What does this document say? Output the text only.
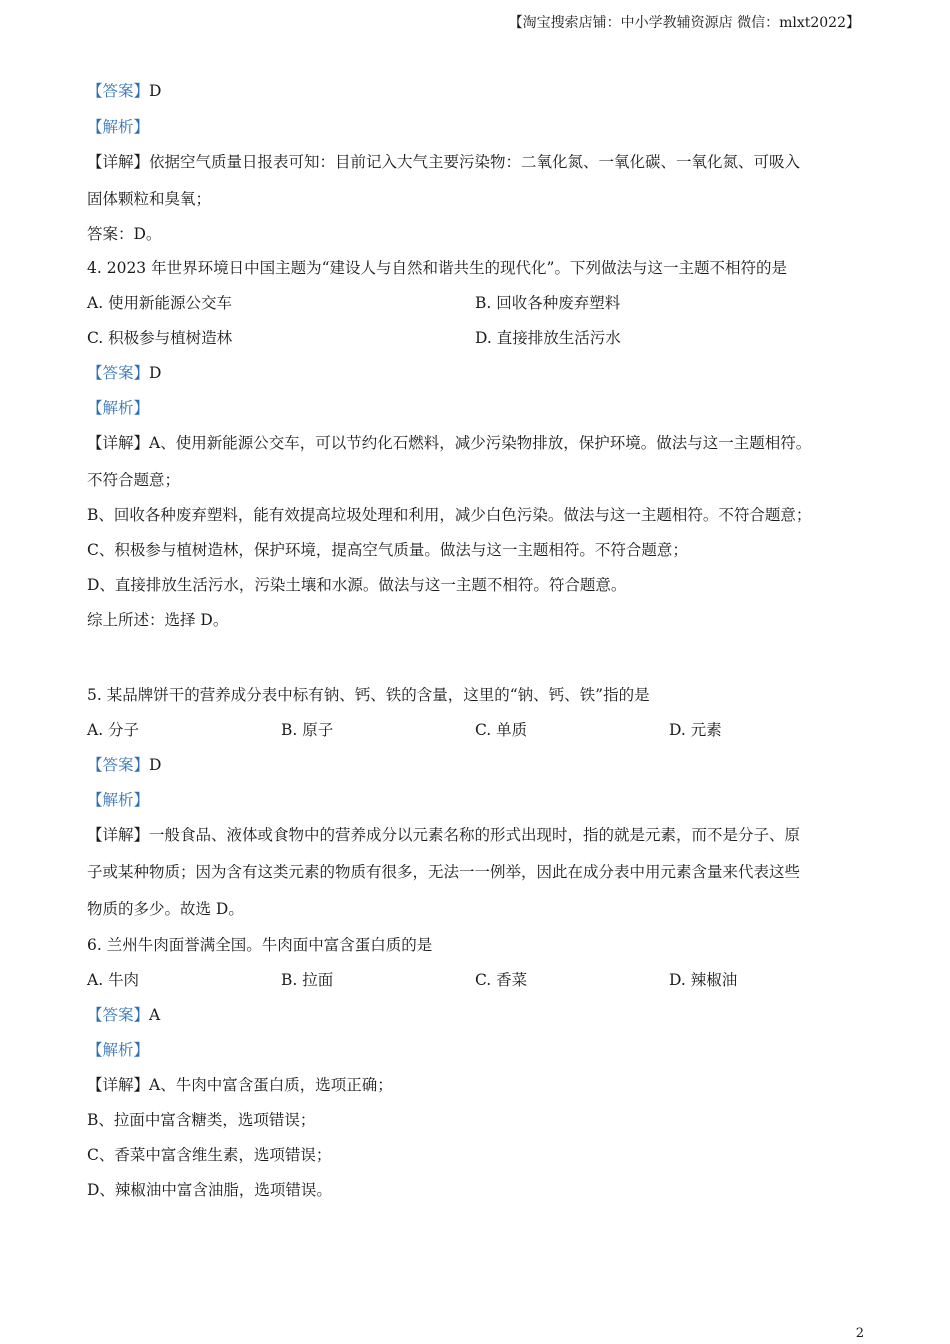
【淘宝搜索店铺：中小学教辅资源店 微信：mlxt2022】
【答案】D
【解析】
【详解】依据空气质量日报表可知：目前记入大气主要污染物：二氧化氮、一氧化碳、一氧化氮、可吸入
固体颗粒和臭氧；
答案：D。
4. 2023 年世界环境日中国主题为“建设人与自然和谐共生的现代化”。下列做法与这一主题不相符的是
A. 使用新能源公交车	B. 回收各种废弃塑料
C. 积极参与植树造林	D. 直接排放生活污水
【答案】D
【解析】
【详解】A、使用新能源公交车，可以节约化石燃料，减少污染物排放，保护环境。做法与这一主题相符。
不符合题意；
B、回收各种废弃塑料，能有效提高垃圾处理和利用，减少白色污染。做法与这一主题相符。不符合题意；
C、积极参与植树造林，保护环境，提高空气质量。做法与这一主题相符。不符合题意；
D、直接排放生活污水，污染土壤和水源。做法与这一主题不相符。符合题意。
综上所述：选择 D。
5. 某品牌饼干的营养成分表中标有钠、钙、铁的含量，这里的“钠、钙、铁”指的是
A. 分子	B. 原子	C. 单质	D. 元素
【答案】D
【解析】
【详解】一般食品、液体或食物中的营养成分以元素名称的形式出现时，指的就是元素，而不是分子、原
子或某种物质；因为含有这类元素的物质有很多，无法一一例举，因此在成分表中用元素含量来代表这些
物质的多少。故选 D。
6. 兰州牛肉面誉满全国。牛肉面中富含蛋白质的是
A. 牛肉	B. 拉面	C. 香菜	D. 辣椒油
【答案】A
【解析】
【详解】A、牛肉中富含蛋白质，选项正确；
B、拉面中富含糖类，选项错误；
C、香菜中富含维生素，选项错误；
D、辣椒油中富含油脂，选项错误。
2
